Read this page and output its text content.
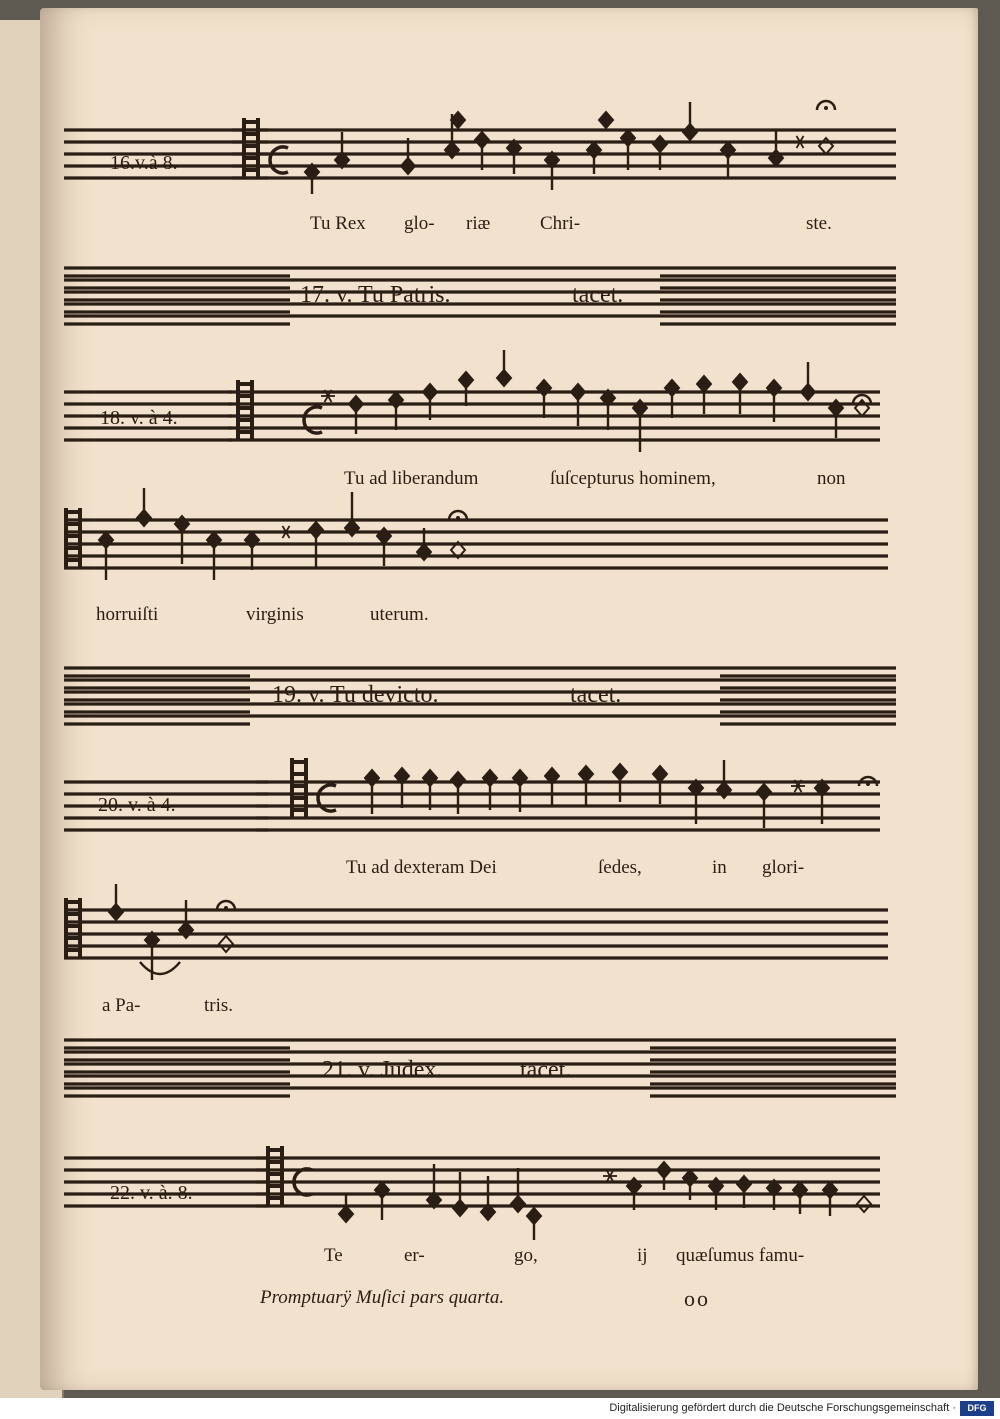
16.v.à 8.
Tu Rex glo- riæ	Chri-	ste.
17. v. Tu Patris.	tacet.
18. v. à 4.
Tu ad liberandum	ſuſcepturus hominem,	non
horruiſti	virginis	uterum.
19. v. Tu devicto.	tacet.
20. v. à 4.
Tu ad dexteram Dei	ſedes,	in glori-
a Pa-	tris.
21. v. Judex.	tacet.
22. v. à. 8.
Te	er-	go,	ij quæſumus famu-
Promptuarÿ Muſici pars quarta.	oo
Digitalisierung gefördert durch die Deutsche Forschungsgemeinschaft ·	DFG
